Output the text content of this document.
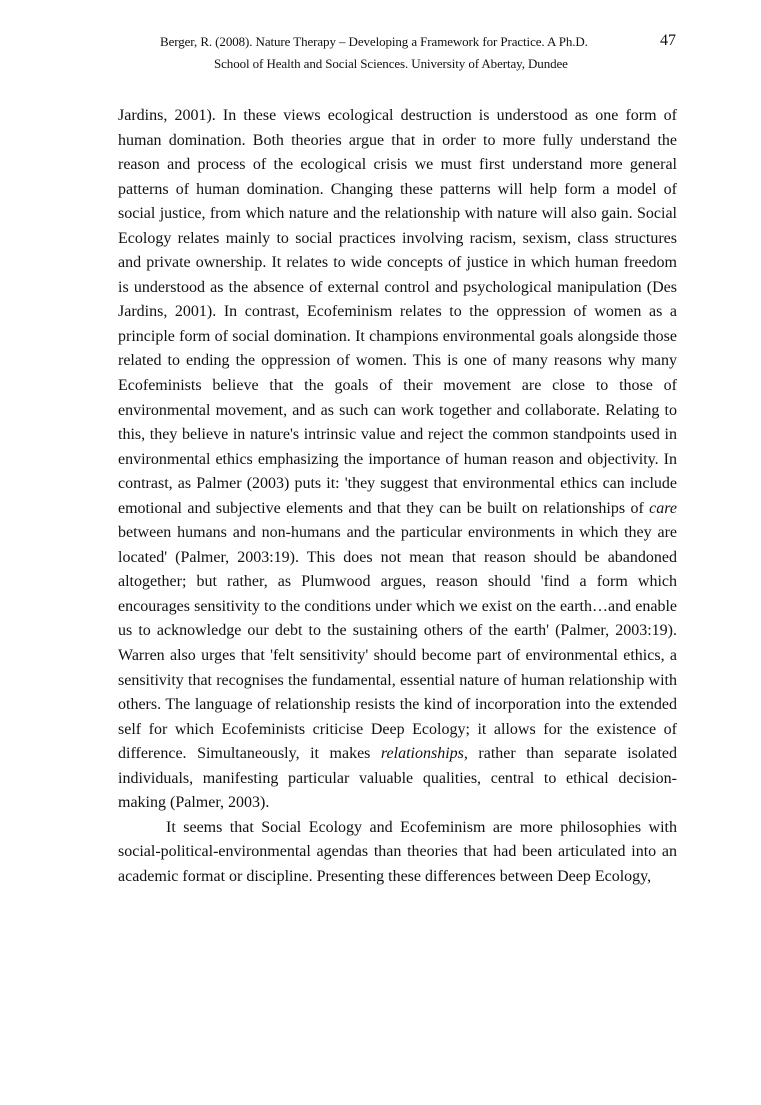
Berger, R. (2008). Nature Therapy – Developing a Framework for Practice. A Ph.D.
School of Health and Social Sciences. University of Abertay, Dundee
47

Jardins, 2001). In these views ecological destruction is understood as one form of human domination. Both theories argue that in order to more fully understand the reason and process of the ecological crisis we must first understand more general patterns of human domination. Changing these patterns will help form a model of social justice, from which nature and the relationship with nature will also gain. Social Ecology relates mainly to social practices involving racism, sexism, class structures and private ownership. It relates to wide concepts of justice in which human freedom is understood as the absence of external control and psychological manipulation (Des Jardins, 2001). In contrast, Ecofeminism relates to the oppression of women as a principle form of social domination. It champions environmental goals alongside those related to ending the oppression of women. This is one of many reasons why many Ecofeminists believe that the goals of their movement are close to those of environmental movement, and as such can work together and collaborate. Relating to this, they believe in nature's intrinsic value and reject the common standpoints used in environmental ethics emphasizing the importance of human reason and objectivity. In contrast, as Palmer (2003) puts it: 'they suggest that environmental ethics can include emotional and subjective elements and that they can be built on relationships of care between humans and non-humans and the particular environments in which they are located' (Palmer, 2003:19). This does not mean that reason should be abandoned altogether; but rather, as Plumwood argues, reason should 'find a form which encourages sensitivity to the conditions under which we exist on the earth…and enable us to acknowledge our debt to the sustaining others of the earth' (Palmer, 2003:19). Warren also urges that 'felt sensitivity' should become part of environmental ethics, a sensitivity that recognises the fundamental, essential nature of human relationship with others. The language of relationship resists the kind of incorporation into the extended self for which Ecofeminists criticise Deep Ecology; it allows for the existence of difference. Simultaneously, it makes relationships, rather than separate isolated individuals, manifesting particular valuable qualities, central to ethical decision-making (Palmer, 2003).

It seems that Social Ecology and Ecofeminism are more philosophies with social-political-environmental agendas than theories that had been articulated into an academic format or discipline. Presenting these differences between Deep Ecology,
